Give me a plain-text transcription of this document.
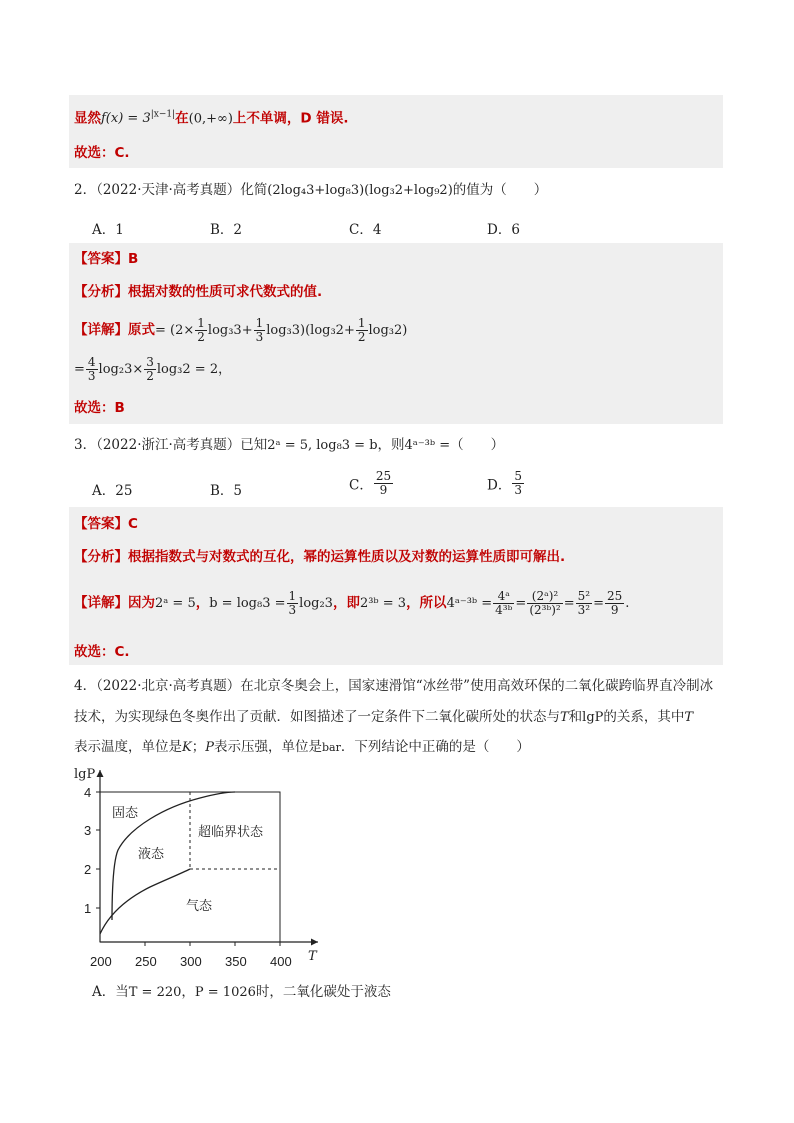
显然$f(x) = 3^{|x-1|}$在(0,+∞)上不单调，D 错误.
故选：C.
2．（2022·天津·高考真题）化简(2log₄3+log₈3)(log₃2+log₉2)的值为（　　）
A．1	B．2	C．4	D．6
【答案】B
【分析】根据对数的性质可求代数式的值.
【详解】原式= $(2\times \frac{1}{2} \log_33+ \frac{1}{3} \log_33)(\log_32+ \frac{1}{2} \log_32)$
= $\frac{4}{3} \log_23\times \frac{3}{2} \log_32 = 2$，
故选：B
3．（2022·浙江·高考真题）已知2ᵃ = 5, log₈3 = b，则4ᵃ⁻³ᵇ =（　　）
A．25	B．5	C． $\frac{25}{9}$	D． $\frac{5}{3}$
【答案】C
【分析】根据指数式与对数式的互化，幂的运算性质以及对数的运算性质即可解出.
【详解】因为2ᵃ = 5，$b = \log_83 = \frac{1}{3} \log_23$，即2³ᵇ = 3，所以4ᵃ⁻³ᵇ = $\frac{\text{4ᵃ}}{\text{4³ᵇ}} = \frac{\text{(2ᵃ)²}}{\text{(2³ᵇ)²}} = \frac{\text{5²}}{\text{3²}} = \frac{25}{9}$ .
故选：C.
4．（2022·北京·高考真题）在北京冬奥会上，国家速滑馆“冰丝带”使用高效环保的二氧化碳跨临界直冷制冰
技术，为实现绿色冬奥作出了贡献．如图描述了一定条件下二氧化碳所处的状态与T和lgP的关系，其中T
表示温度，单位是K；P表示压强，单位是bar．下列结论中正确的是（　　）
lgP
T
4
3
2
1
200 250 300 350 400
固态
液态
超临界状态
气态
A．当T = 220，P = 1026时，二氧化碳处于液态
